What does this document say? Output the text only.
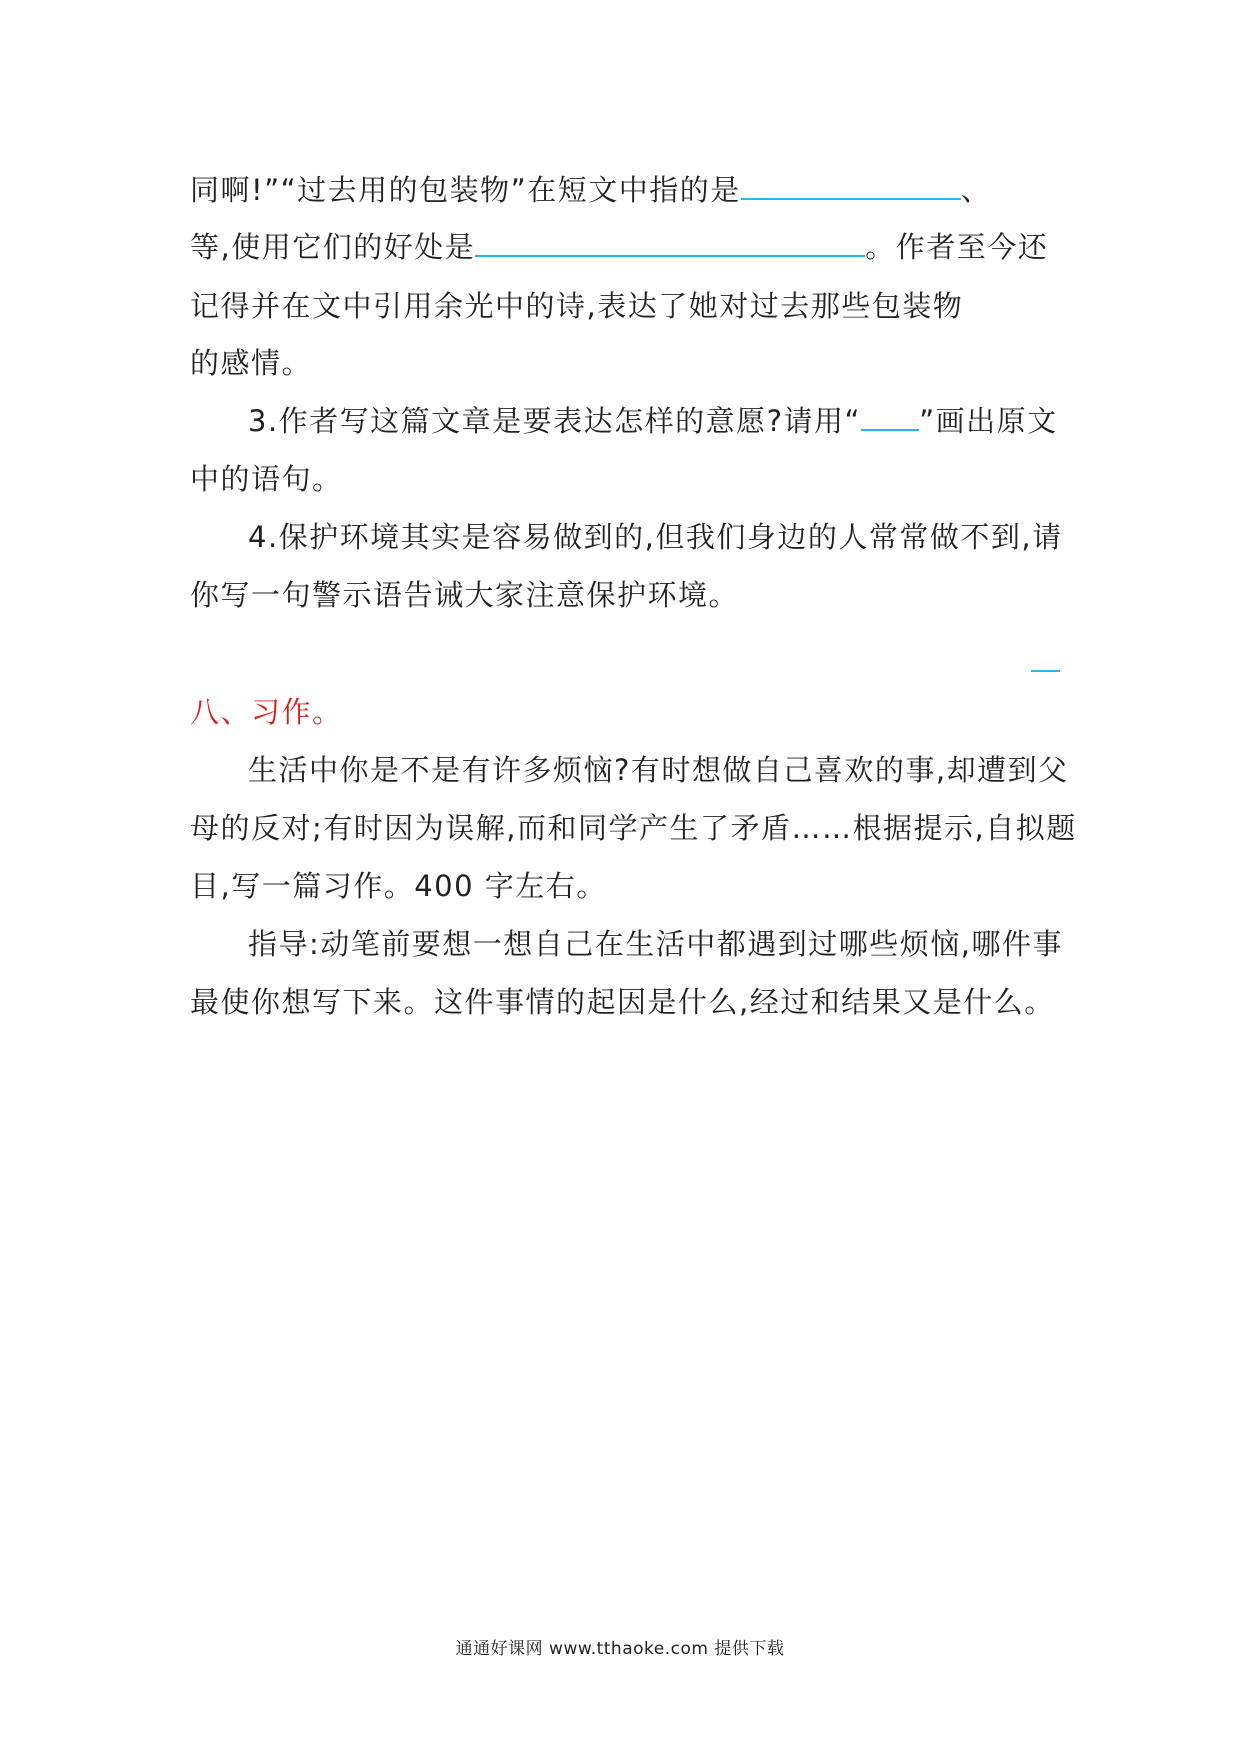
同啊!”“过去用的包装物”在短文中指的是	、
等,使用它们的好处是	。作者至今还
记得并在文中引用余光中的诗,表达了她对过去那些包装物
的感情。
3.作者写这篇文章是要表达怎样的意愿?请用“ ”画出原文
中的语句。
4.保护环境其实是容易做到的,但我们身边的人常常做不到,请
你写一句警示语告诫大家注意保护环境。
八、习作。
生活中你是不是有许多烦恼?有时想做自己喜欢的事,却遭到父
母的反对;有时因为误解,而和同学产生了矛盾……根据提示,自拟题
目,写一篇习作。400 字左右。
指导:动笔前要想一想自己在生活中都遇到过哪些烦恼,哪件事
最使你想写下来。这件事情的起因是什么,经过和结果又是什么。
通通好课网 www.tthaoke.com 提供下载
